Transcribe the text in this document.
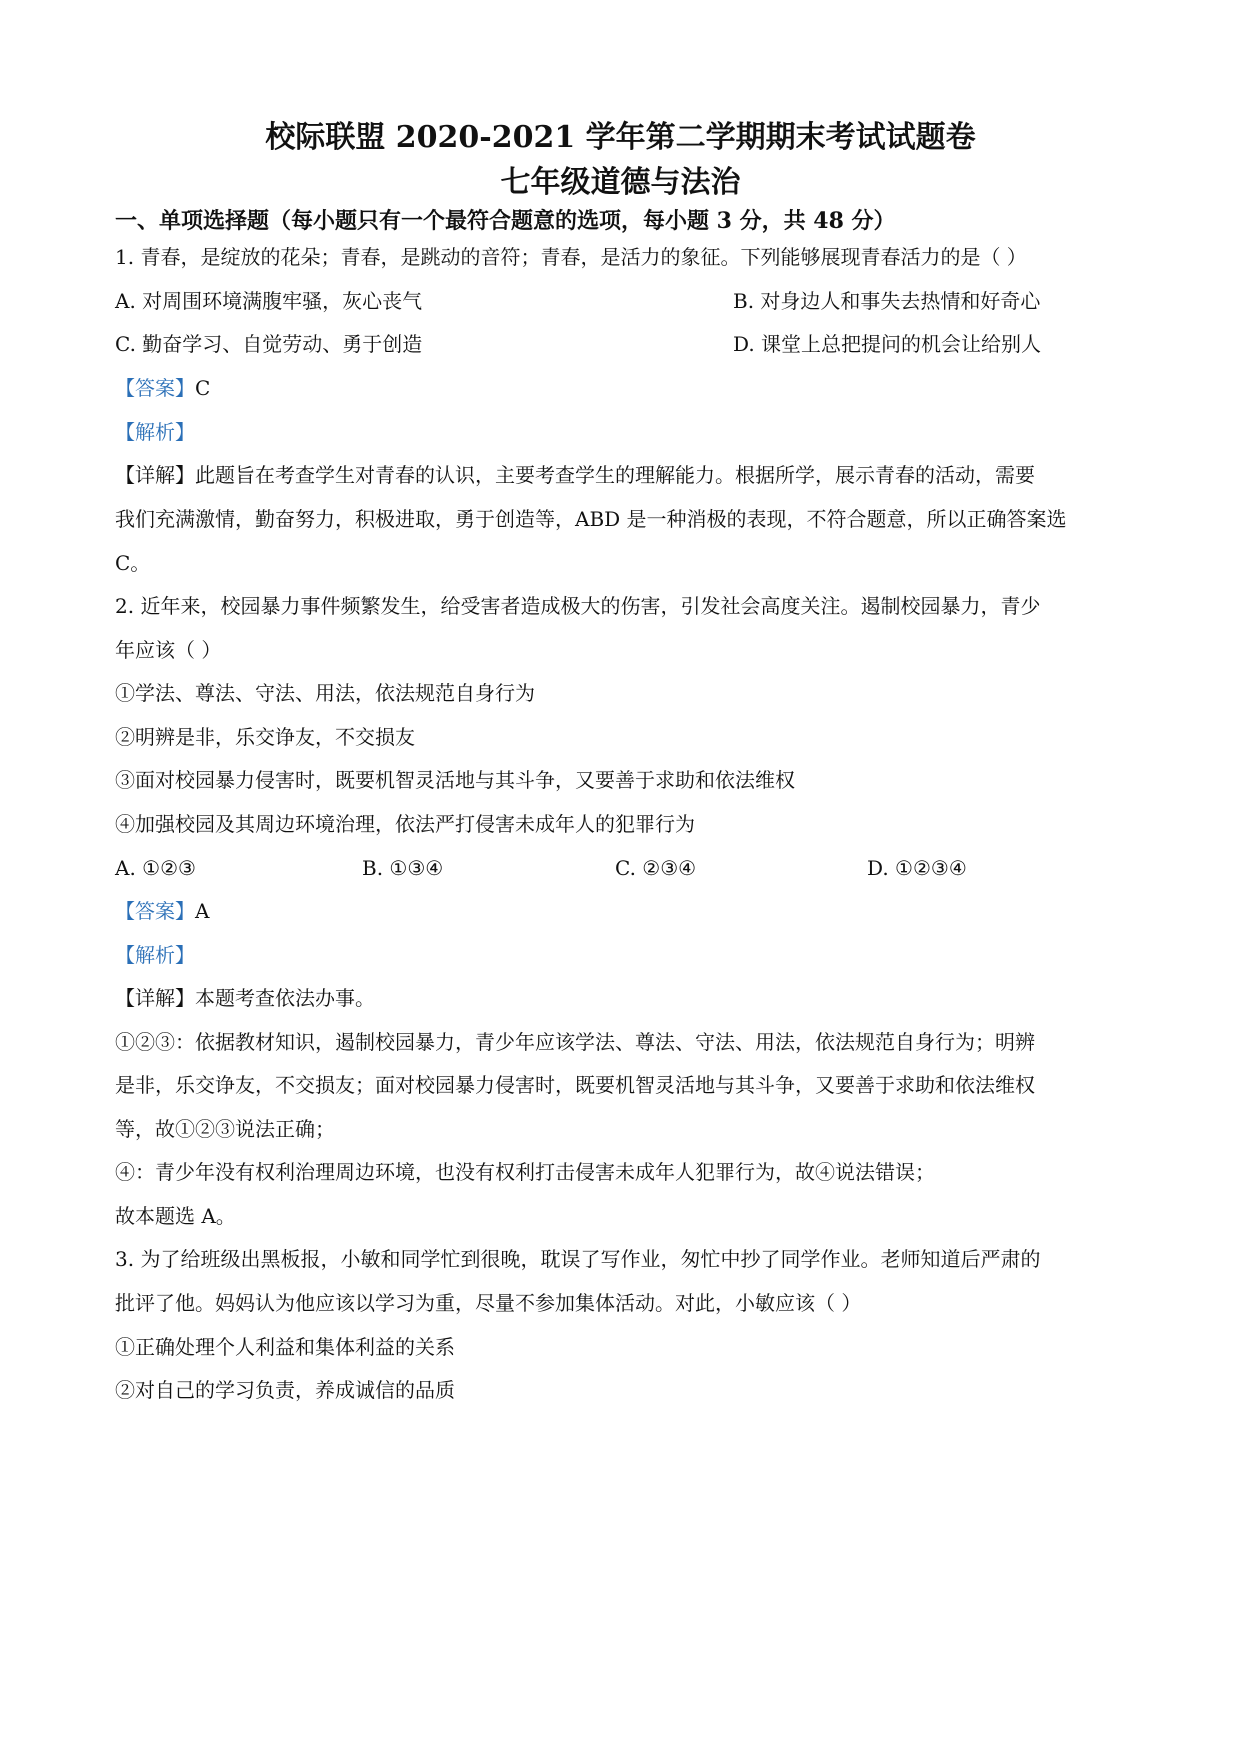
校际联盟 2020-2021 学年第二学期期末考试试题卷
七年级道德与法治
一、单项选择题（每小题只有一个最符合题意的选项，每小题 3 分，共 48 分）
1. 青春，是绽放的花朵；青春，是跳动的音符；青春，是活力的象征。下列能够展现青春活力的是（ ）
A. 对周围环境满腹牢骚，灰心丧气	B. 对身边人和事失去热情和好奇心
C. 勤奋学习、自觉劳动、勇于创造	D. 课堂上总把提问的机会让给别人
【答案】C
【解析】
【详解】此题旨在考查学生对青春的认识，主要考查学生的理解能力。根据所学，展示青春的活动，需要
我们充满激情，勤奋努力，积极进取，勇于创造等，ABD 是一种消极的表现，不符合题意，所以正确答案选
C。
2. 近年来，校园暴力事件频繁发生，给受害者造成极大的伤害，引发社会高度关注。遏制校园暴力，青少
年应该（ ）
①学法、尊法、守法、用法，依法规范自身行为
②明辨是非，乐交诤友，不交损友
③面对校园暴力侵害时，既要机智灵活地与其斗争，又要善于求助和依法维权
④加强校园及其周边环境治理，依法严打侵害未成年人的犯罪行为
A. ①②③	B. ①③④	C. ②③④	D. ①②③④
【答案】A
【解析】
【详解】本题考查依法办事。
①②③：依据教材知识，遏制校园暴力，青少年应该学法、尊法、守法、用法，依法规范自身行为；明辨
是非，乐交诤友，不交损友；面对校园暴力侵害时，既要机智灵活地与其斗争，又要善于求助和依法维权
等，故①②③说法正确；
④：青少年没有权利治理周边环境，也没有权利打击侵害未成年人犯罪行为，故④说法错误；
故本题选 A。
3. 为了给班级出黑板报，小敏和同学忙到很晚，耽误了写作业，匆忙中抄了同学作业。老师知道后严肃的
批评了他。妈妈认为他应该以学习为重，尽量不参加集体活动。对此，小敏应该（ ）
①正确处理个人利益和集体利益的关系
②对自己的学习负责，养成诚信的品质
